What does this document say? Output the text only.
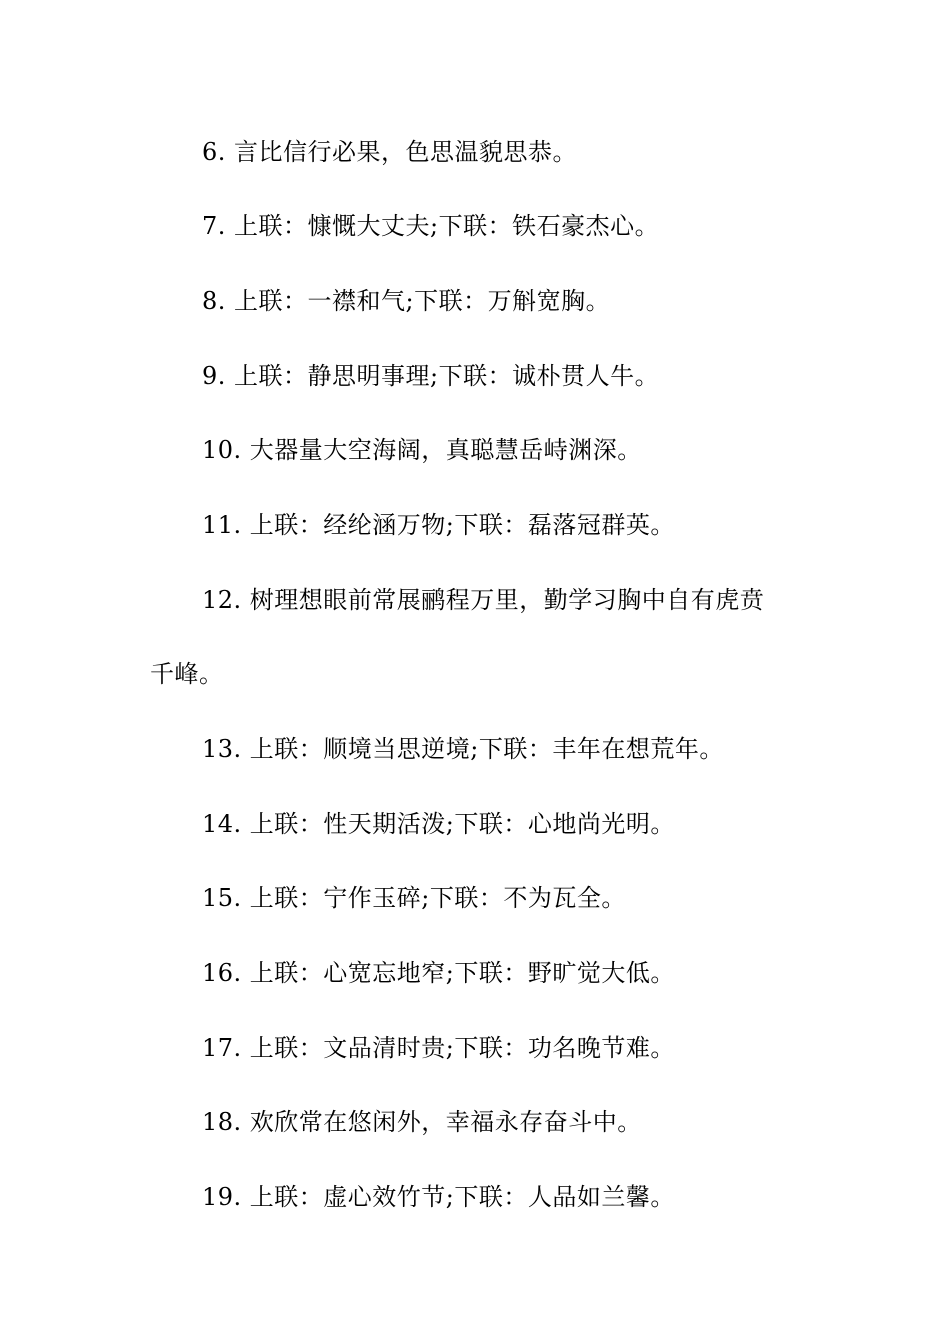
6. 言比信行必果，色思温貌思恭。
7. 上联：慷慨大丈夫;下联：铁石豪杰心。
8. 上联：一襟和气;下联：万斛宽胸。
9. 上联：静思明事理;下联：诚朴贯人牛。
10. 大器量大空海阔，真聪慧岳峙渊深。
11. 上联：经纶涵万物;下联：磊落冠群英。
12. 树理想眼前常展鹂程万里，勤学习胸中自有虎贲
千峰。
13. 上联：顺境当思逆境;下联：丰年在想荒年。
14. 上联：性天期活泼;下联：心地尚光明。
15. 上联：宁作玉碎;下联：不为瓦全。
16. 上联：心宽忘地窄;下联：野旷觉大低。
17. 上联：文品清时贵;下联：功名晚节难。
18. 欢欣常在悠闲外，幸福永存奋斗中。
19. 上联：虚心效竹节;下联：人品如兰馨。
